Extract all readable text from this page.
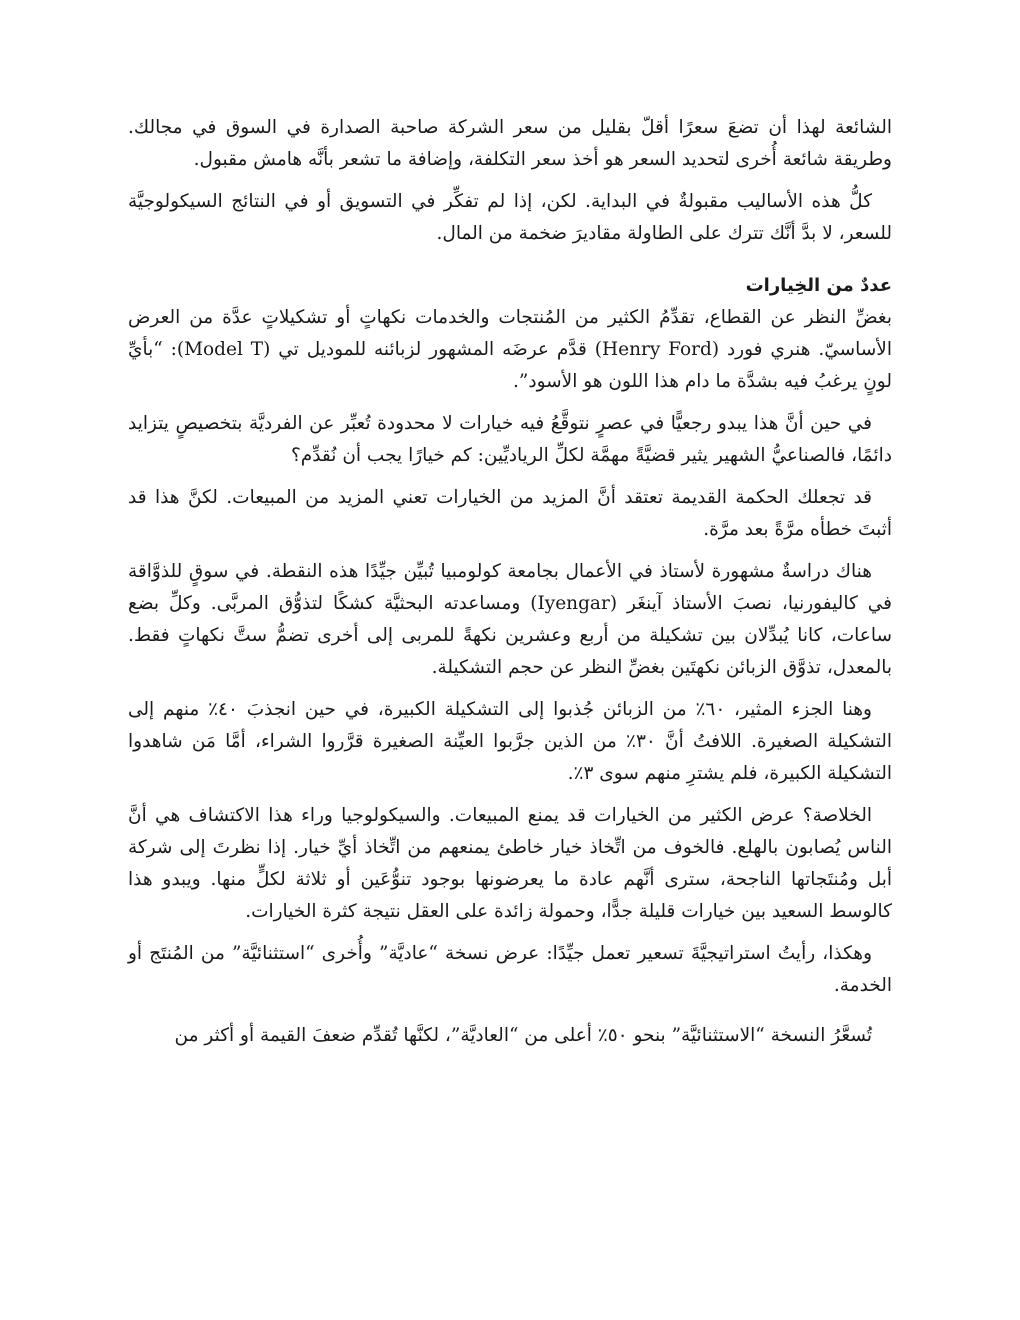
الشائعة لهذا أن تضعَ سعرًا أقلّ بقليل من سعر الشركة صاحبة الصدارة في السوق في مجالك. وطريقة شائعة أُخرى لتحديد السعر هو أخذ سعر التكلفة، وإضافة ما تشعر بأنَّه هامش مقبول.

كلُّ هذه الأساليب مقبولةٌ في البداية. لكن، إذا لم تفكِّر في التسويق أو في النتائج السيكولوجيَّة للسعر، لا بدَّ أنَّك تترك على الطاولة مقاديرَ ضخمة من المال.

عددٌ من الخِيارات

بغضِّ النظر عن القطاع، تقدِّمُ الكثير من المُنتجات والخدمات نكهاتٍ أو تشكيلاتٍ عدَّة من العرض الأساسيّ. هنري فورد (Henry Ford) قدَّم عرضَه المشهور لزبائنه للموديل تي (Model T): “بأيِّ لونٍ يرغبُ فيه بشدَّة ما دام هذا اللون هو الأسود”.

في حين أنَّ هذا يبدو رجعيًّا في عصرٍ نتوقَّعُ فيه خيارات لا محدودة تُعبِّر عن الفرديَّة بتخصيصٍ يتزايد دائمًا، فالصناعيُّ الشهير يثير قضيَّةً مهمَّة لكلِّ الرياديِّين: كم خيارًا يجب أن نُقدِّم؟

قد تجعلك الحكمة القديمة تعتقد أنَّ المزيد من الخيارات تعني المزيد من المبيعات. لكنَّ هذا قد أثبتَ خطأه مرَّةً بعد مرَّة.

هناك دراسةٌ مشهورة لأستاذ في الأعمال بجامعة كولومبيا تُبيِّن جيِّدًا هذه النقطة. في سوقٍ للذوَّاقة في كاليفورنيا، نصبَ الأستاذ آينغَر (Iyengar) ومساعدته البحثيَّة كشكًا لتذوُّق المربَّى. وكلِّ بضع ساعات، كانا يُبدِّلان بين تشكيلة من أربع وعشرين نكهةً للمربى إلى أخرى تضمُّ ستَّ نكهاتٍ فقط. بالمعدل، تذوَّق الزبائن نكهتَين بغضِّ النظر عن حجم التشكيلة.

وهنا الجزء المثير، ٦٠٪ من الزبائن جُذبوا إلى التشكيلة الكبيرة، في حين انجذبَ ٤٠٪ منهم إلى التشكيلة الصغيرة. اللافتُ أنَّ ٣٠٪ من الذين جرَّبوا العيِّنة الصغيرة قرَّروا الشراء، أمَّا مَن شاهدوا التشكيلة الكبيرة، فلم يشترِ منهم سوى ٣٪.

الخلاصة؟ عرض الكثير من الخيارات قد يمنع المبيعات. والسيكولوجيا وراء هذا الاكتشاف هي أنَّ الناس يُصابون بالهلع. فالخوف من اتِّخاذ خيار خاطئ يمنعهم من اتِّخاذ أيِّ خيار. إذا نظرتَ إلى شركة أبل ومُنتَجاتها الناجحة، سترى أنَّهم عادة ما يعرضونها بوجود تنوُّعَين أو ثلاثة لكلٍّ منها. ويبدو هذا كالوسط السعيد بين خيارات قليلة جدًّا، وحمولة زائدة على العقل نتيجة كثرة الخيارات.

وهكذا، رأيتُ استراتيجيَّةَ تسعير تعمل جيِّدًا: عرض نسخة “عاديَّة” وأُخرى “استثنائيَّة” من المُنتَج أو الخدمة.

تُسعَّرُ النسخة “الاستثنائيَّة” بنحو ٥٠٪ أعلى من “العاديَّة”، لكنَّها تُقدِّم ضعفَ القيمة أو أكثر من
